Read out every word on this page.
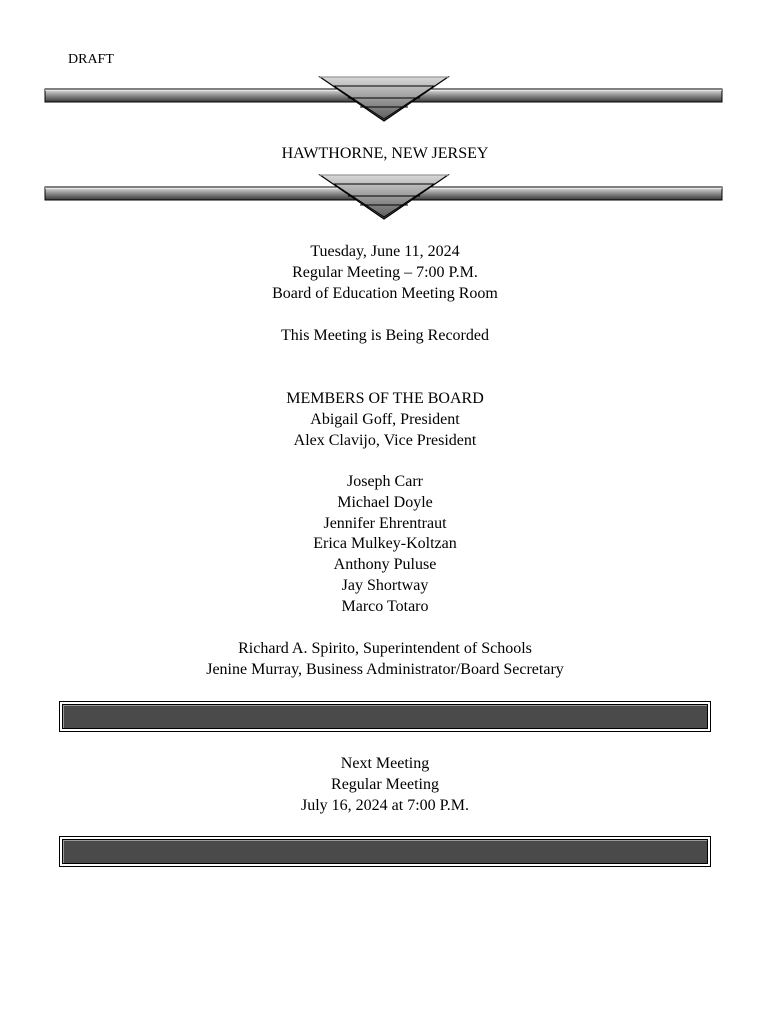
DRAFT
HAWTHORNE, NEW JERSEY
Tuesday, June 11, 2024
Regular Meeting – 7:00 P.M.
Board of Education Meeting Room
This Meeting is Being Recorded
MEMBERS OF THE BOARD
Abigail Goff, President
Alex Clavijo, Vice President
Joseph Carr
Michael Doyle
Jennifer Ehrentraut
Erica Mulkey-Koltzan
Anthony Puluse
Jay Shortway
Marco Totaro
Richard A. Spirito, Superintendent of Schools
Jenine Murray, Business Administrator/Board Secretary
Next Meeting
Regular Meeting
July 16, 2024 at 7:00 P.M.
